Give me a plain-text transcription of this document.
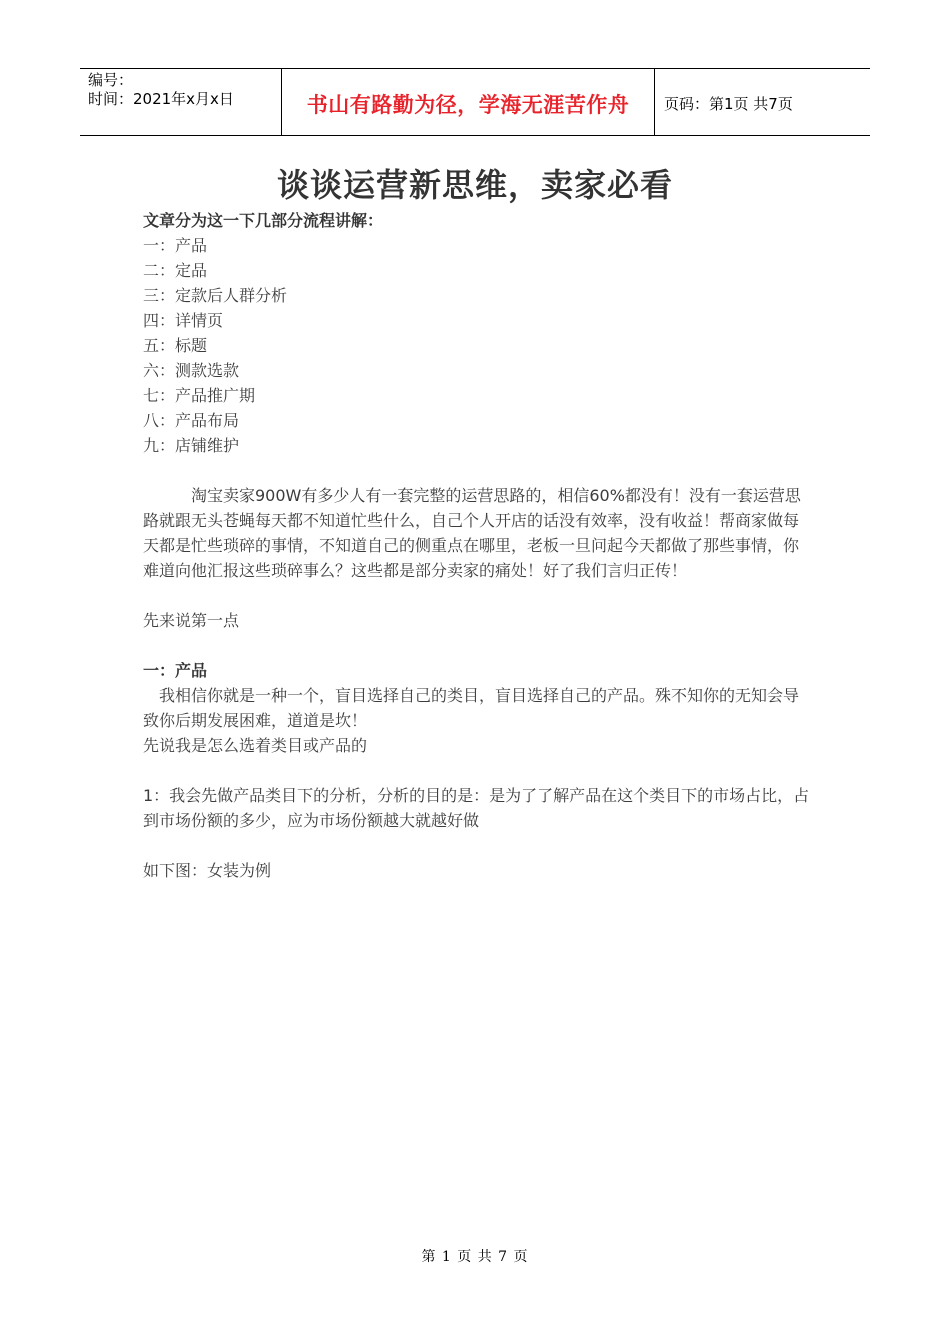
编号：
时间：2021年x月x日	书山有路勤为径，学海无涯苦作舟	页码：第1页 共7页
谈谈运营新思维，卖家必看

文章分为这一下几部分流程讲解：

一：产品

二：定品

三：定款后人群分析

四：详情页

五：标题

六：测款选款

七：产品推广期

八：产品布局

九：店铺维护

淘宝卖家900W有多少人有一套完整的运营思路的，相信60%都没有！没有一套运营思路就跟无头苍蝇每天都不知道忙些什么，自己个人开店的话没有效率，没有收益！帮商家做每天都是忙些琐碎的事情，不知道自己的侧重点在哪里，老板一旦问起今天都做了那些事情，你难道向他汇报这些琐碎事么？这些都是部分卖家的痛处！好了我们言归正传！

先来说第一点

一：产品

我相信你就是一种一个，盲目选择自己的类目，盲目选择自己的产品。殊不知你的无知会导致你后期发展困难，道道是坎！

先说我是怎么选着类目或产品的

1：我会先做产品类目下的分析，分析的目的是：是为了了解产品在这个类目下的市场占比，占到市场份额的多少，应为市场份额越大就越好做

如下图：女装为例

第 1 页 共 7 页
